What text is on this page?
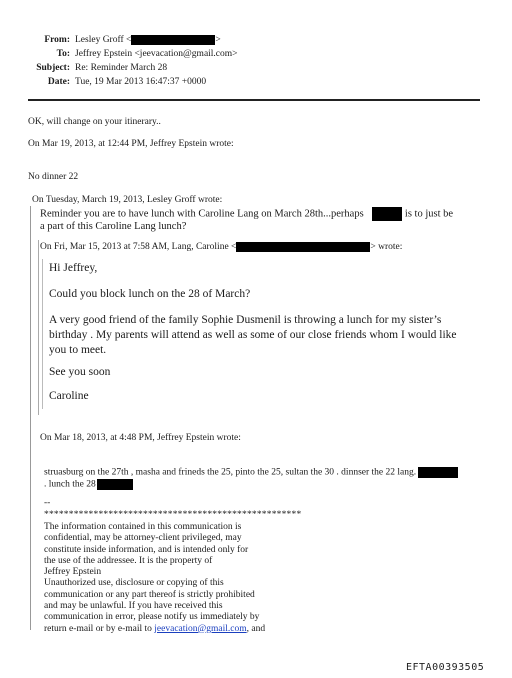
From: Lesley Groff <	>
To: Jeffrey Epstein <jeevacation@gmail.com>
Subject: Re: Reminder March 28
Date: Tue, 19 Mar 2013 16:47:37 +0000
OK, will change on your itinerary..
On Mar 19, 2013, at 12:44 PM, Jeffrey Epstein wrote:
No dinner 22
On Tuesday, March 19, 2013, Lesley Groff wrote:
Reminder you are to have lunch with Caroline Lang on March 28th...perhaps	is to just be
a part of this Caroline Lang lunch?
On Fri, Mar 15, 2013 at 7:58 AM, Lang, Caroline <	> wrote:
Hi Jeffrey,
Could you block lunch on the 28 of March?
A very good friend of the family Sophie Dusmenil is throwing a lunch for my sister’s
birthday . My parents will attend as well as some of our close friends whom I would like
you to meet.
See you soon
Caroline
On Mar 18, 2013, at 4:48 PM, Jeffrey Epstein wrote:
struasburg on the 27th , masha and frineds the 25, pinto the 25, sultan the 30 . dinnser the 22 lang.
. lunch the 28
--
****************************************************
The information contained in this communication is
confidential, may be attorney-client privileged, may
constitute inside information, and is intended only for
the use of the addressee. It is the property of
Jeffrey Epstein
Unauthorized use, disclosure or copying of this
communication or any part thereof is strictly prohibited
and may be unlawful. If you have received this
communication in error, please notify us immediately by
return e-mail or by e-mail to jeevacation@gmail.com, and
EFTA00393505
